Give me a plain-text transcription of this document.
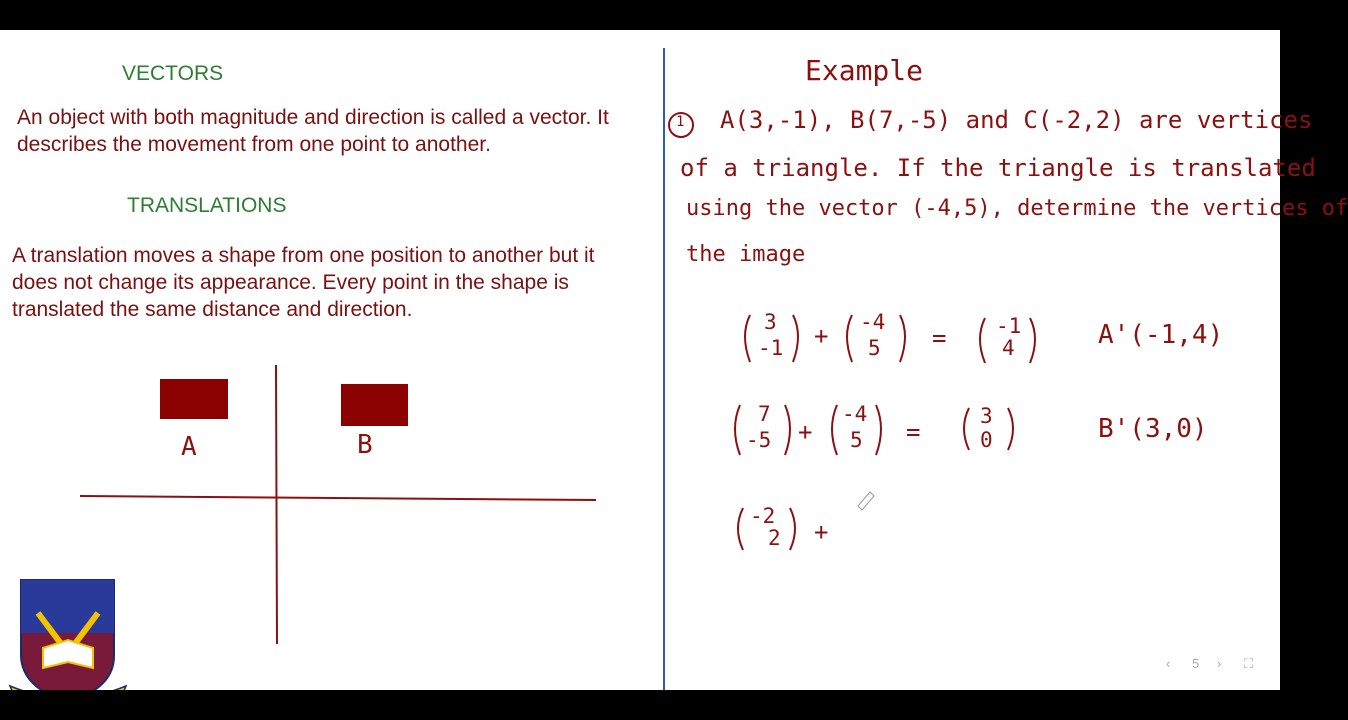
VECTORS

An object with both magnitude and direction is called a vector. It describes the movement from one point to another.

TRANSLATIONS

A translation moves a shape from one position to another but it does not change its appearance. Every point in the shape is translated the same distance and direction.

A	B
Example
1 A(3,-1), B(7,-5) and C(-2,2) are vertices
of a triangle. If the triangle is translated
using the vector (-4,5), determine the vertices of
the image
3
-1 + -4
5 = -1
4	A'(-1,4)
7
-5 +
-4
5 =
3
0	B'(3,0)
-2
2 +
‹ 5 › ⛶
